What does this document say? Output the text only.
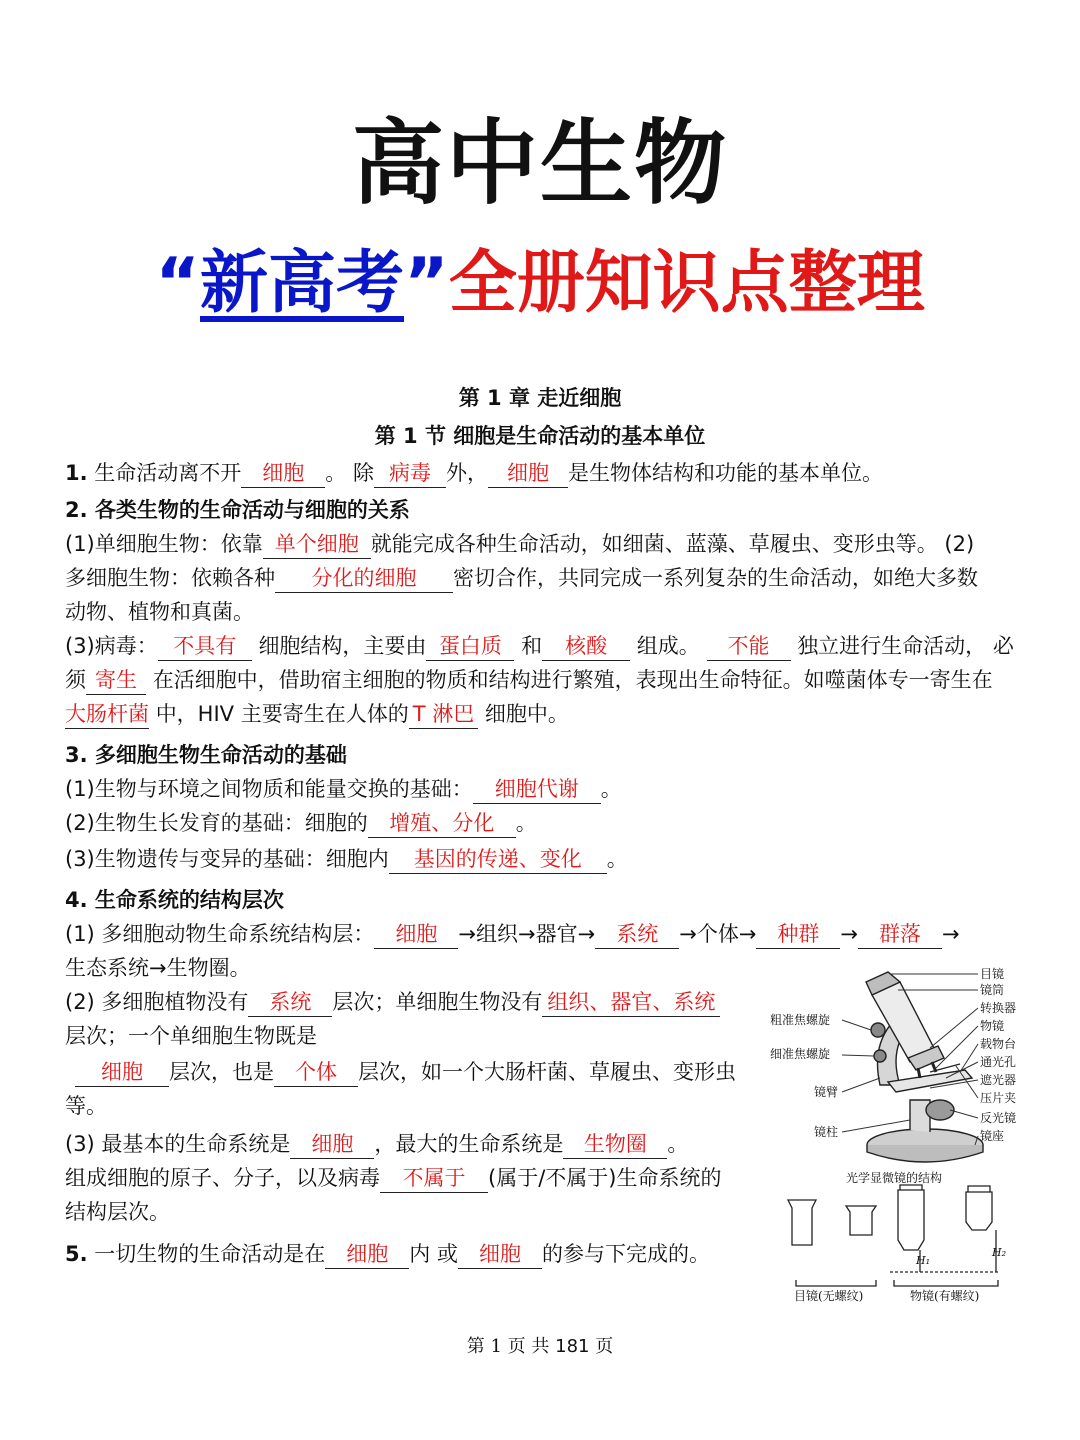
高中生物
“新高考”全册知识点整理
第 1 章 走近细胞
第 1 节 细胞是生命活动的基本单位
1. 生命活动离不开 细胞 。 除 病毒 外， 细胞 是生物体结构和功能的基本单位。
2. 各类生物的生命活动与细胞的关系
(1)单细胞生物：依靠 单个细胞 就能完成各种生命活动，如细菌、蓝藻、草履虫、变形虫等。 (2)
多细胞生物：依赖各种 分化的细胞 密切合作，共同完成一系列复杂的生命活动，如绝大多数
动物、植物和真菌。
(3)病毒： 不具有 细胞结构，主要由 蛋白质 和 核酸 组成。 不能 独立进行生命活动， 必
须 寄生 在活细胞中，借助宿主细胞的物质和结构进行繁殖，表现出生命特征。如噬菌体专一寄生在
大肠杆菌 中，HIV 主要寄生在人体的 T 淋巴 细胞中。
3. 多细胞生物生命活动的基础
(1)生物与环境之间物质和能量交换的基础： 细胞代谢 。
(2)生物生长发育的基础：细胞的 增殖、分化 。
(3)生物遗传与变异的基础：细胞内 基因的传递、变化 。
4. 生命系统的结构层次
(1) 多细胞动物生命系统结构层： 细胞 →组织→器官→ 系统 →个体→ 种群 → 群落 →
生态系统→生物圈。
(2) 多细胞植物没有 系统 层次；单细胞生物没有 组织、器官、系统
层次；一个单细胞生物既是
细胞 层次，也是 个体 层次，如一个大肠杆菌、草履虫、变形虫
等。
(3) 最基本的生命系统是 细胞 ，最大的生命系统是 生物圈 。
组成细胞的原子、分子，以及病毒 不属于 (属于/不属于)生命系统的
结构层次。
5. 一切生物的生命活动是在 细胞 内 或 细胞 的参与下完成的。
目镜
镜筒
转换器
物镜
载物台
通光孔
遮光器
压片夹
反光镜
镜座
粗准焦螺旋
细准焦螺旋
镜臂
镜柱
光学显微镜的结构
H₁
H₂
目镜(无螺纹)	物镜(有螺纹)
第 1 页 共 181 页
